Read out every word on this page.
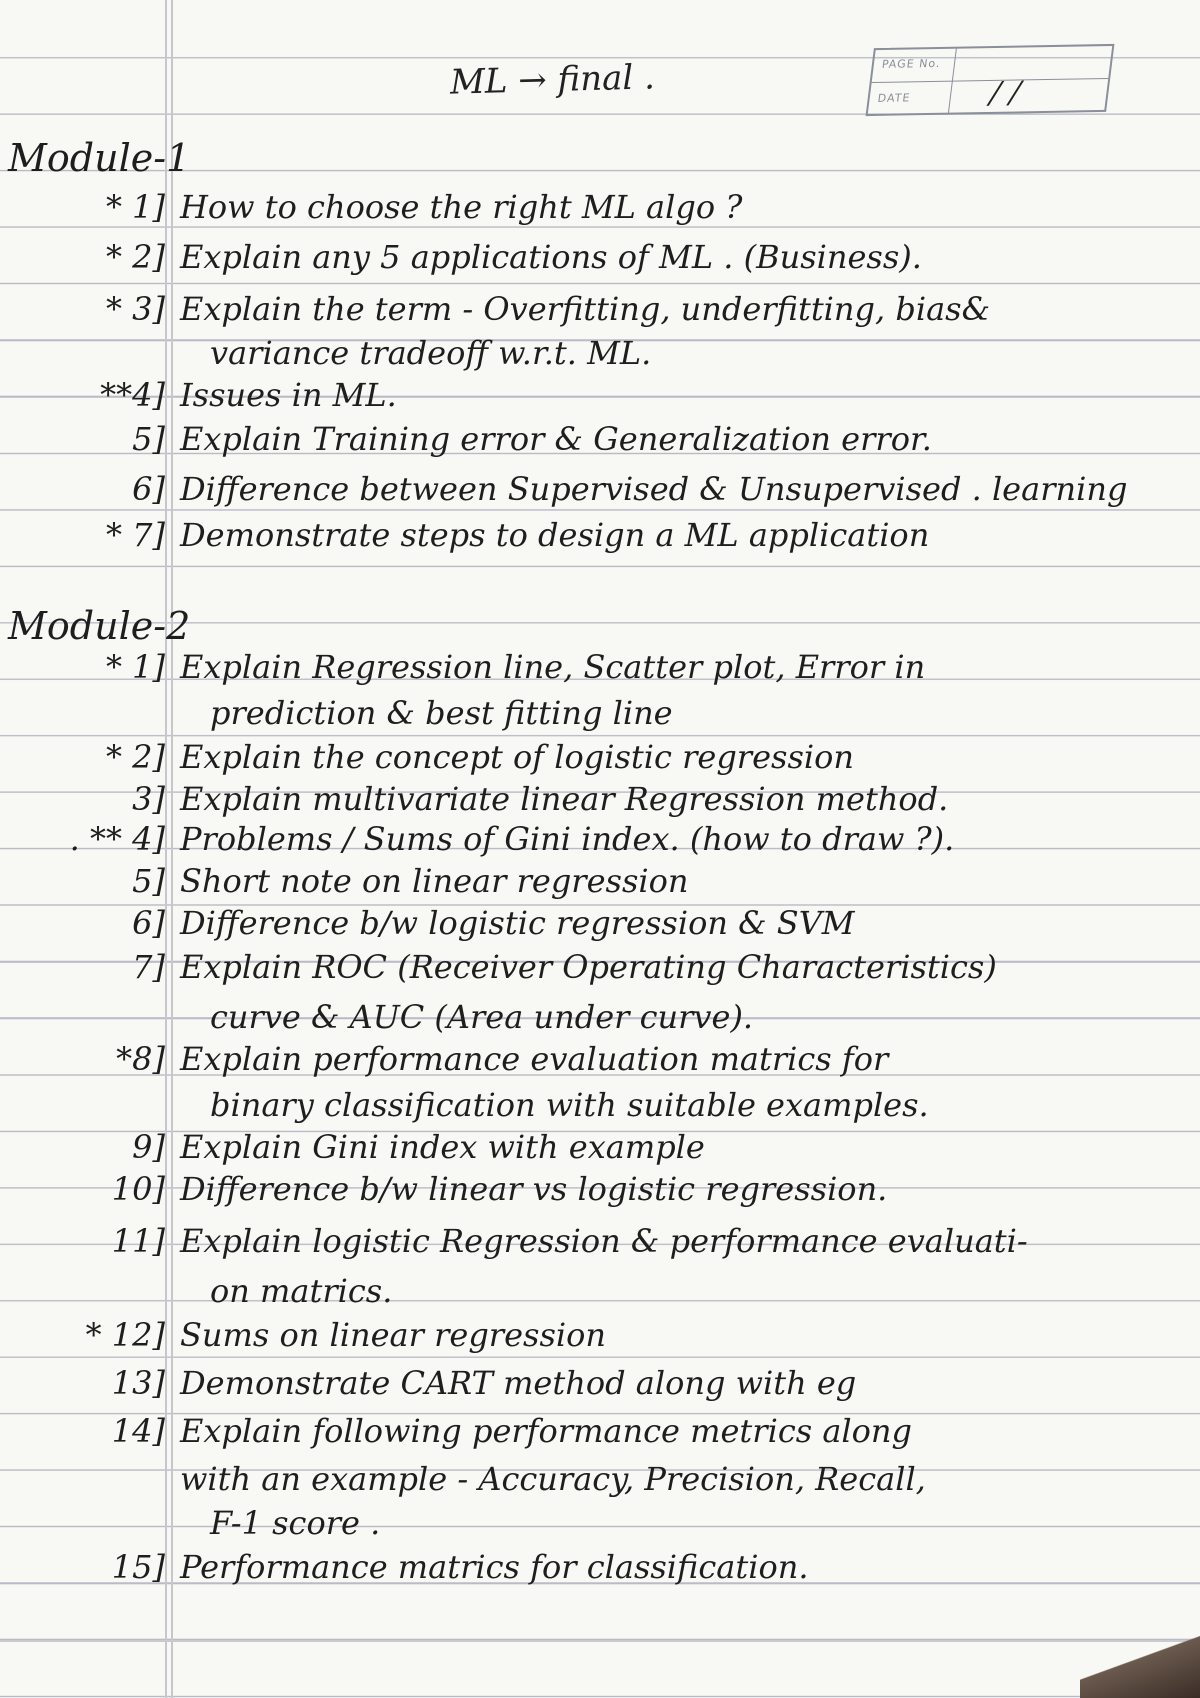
ML → final .	PAGE No.
DATE	/ /
Module-1
* 1] How to choose the right ML algo ?
* 2] Explain any 5 applications of ML . (Business).
* 3] Explain the term - Overfitting, underfitting, bias&
variance tradeoff w.r.t. ML.
**4] Issues in ML.
5] Explain Training error & Generalization error.
6] Difference between Supervised & Unsupervised . learning
* 7] Demonstrate steps to design a ML application
Module-2
* 1] Explain Regression line, Scatter plot, Error in
prediction & best fitting line
* 2] Explain the concept of logistic regression
3] Explain multivariate linear Regression method.
. ** 4] Problems / Sums of Gini index. (how to draw ?).
5] Short note on linear regression
6] Difference b/w logistic regression & SVM
7] Explain ROC (Receiver Operating Characteristics)
curve & AUC (Area under curve).
*8] Explain performance evaluation matrics for
binary classification with suitable examples.
9] Explain Gini index with example
10] Difference b/w linear vs logistic regression.
11] Explain logistic Regression & performance evaluati-
on matrics.
* 12] Sums on linear regression
13] Demonstrate CART method along with eg
14] Explain following performance metrics along
with an example - Accuracy, Precision, Recall,
F-1 score .
15] Performance matrics for classification.
